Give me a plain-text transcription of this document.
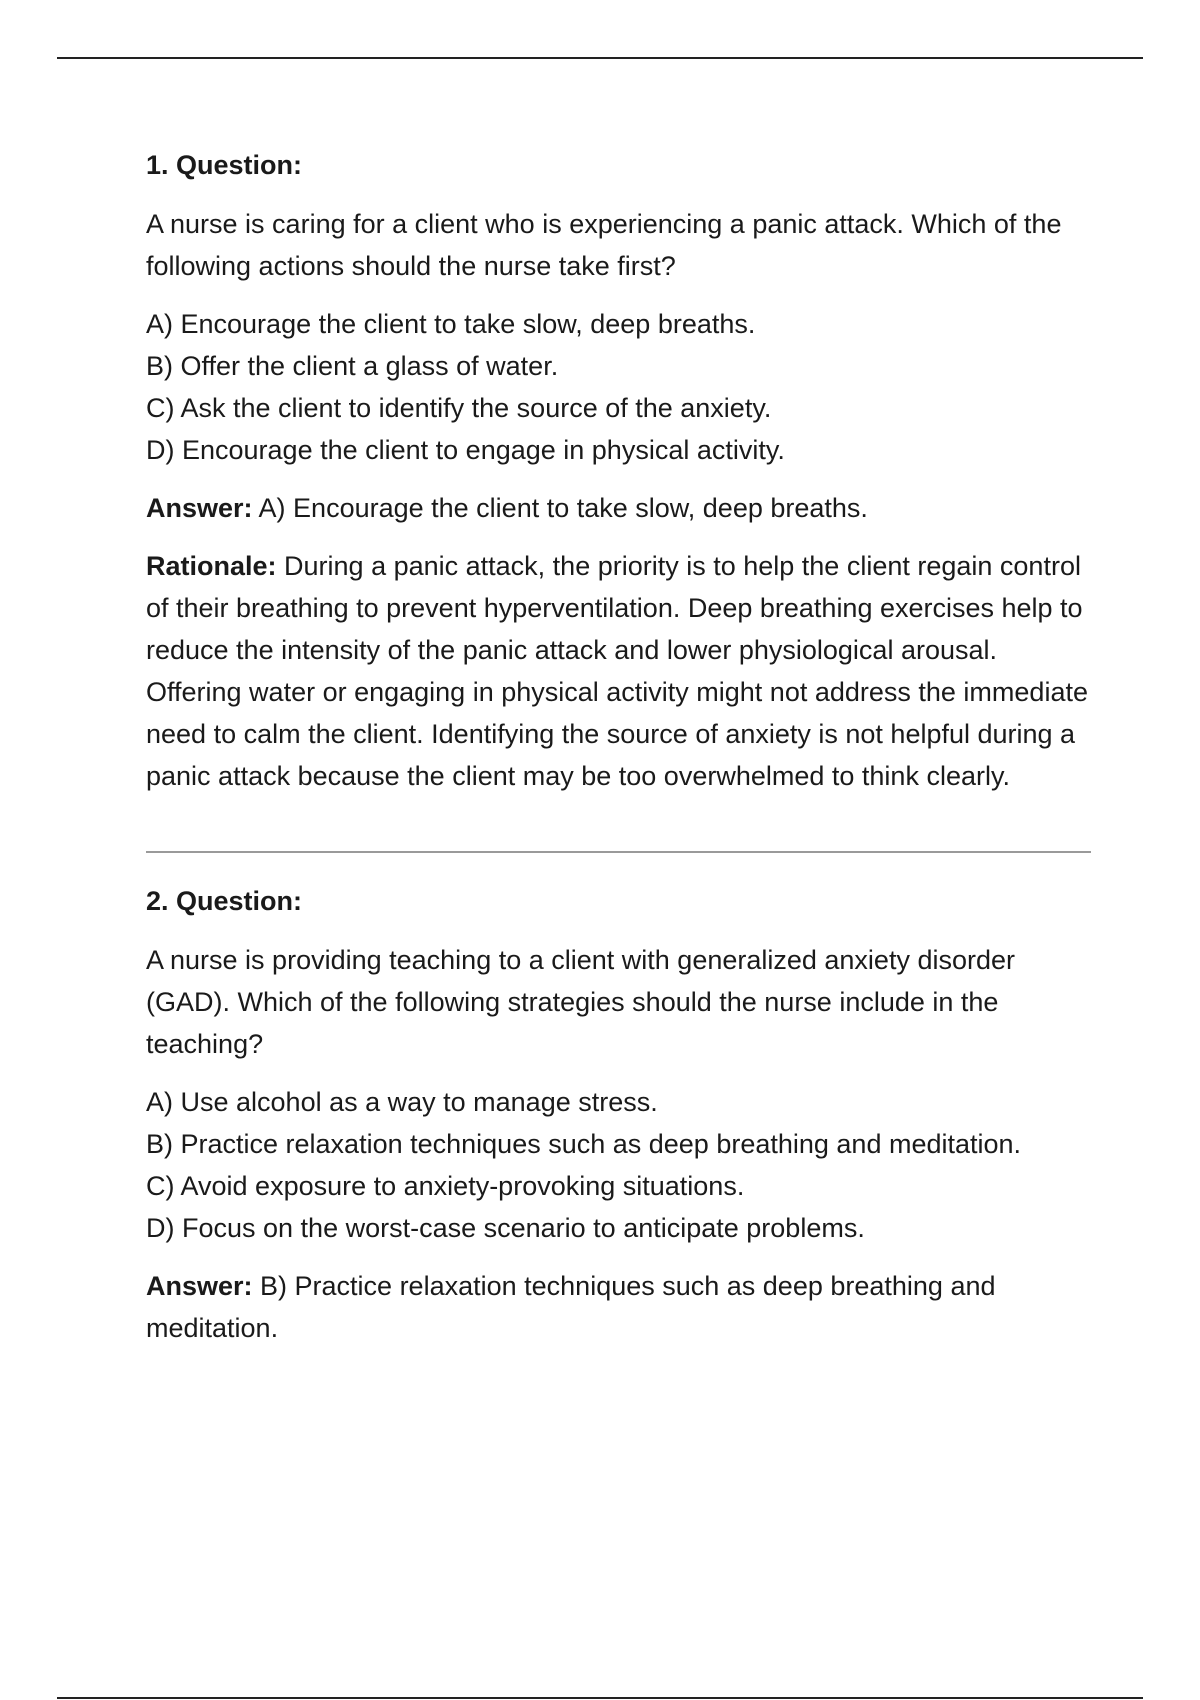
1. Question:

A nurse is caring for a client who is experiencing a panic attack. Which of the following actions should the nurse take first?

A) Encourage the client to take slow, deep breaths.
B) Offer the client a glass of water.
C) Ask the client to identify the source of the anxiety.
D) Encourage the client to engage in physical activity.

Answer: A) Encourage the client to take slow, deep breaths.

Rationale: During a panic attack, the priority is to help the client regain control of their breathing to prevent hyperventilation. Deep breathing exercises help to reduce the intensity of the panic attack and lower physiological arousal. Offering water or engaging in physical activity might not address the immediate need to calm the client. Identifying the source of anxiety is not helpful during a panic attack because the client may be too overwhelmed to think clearly.

2. Question:

A nurse is providing teaching to a client with generalized anxiety disorder (GAD). Which of the following strategies should the nurse include in the teaching?

A) Use alcohol as a way to manage stress.
B) Practice relaxation techniques such as deep breathing and meditation.
C) Avoid exposure to anxiety-provoking situations.
D) Focus on the worst-case scenario to anticipate problems.

Answer: B) Practice relaxation techniques such as deep breathing and meditation.
